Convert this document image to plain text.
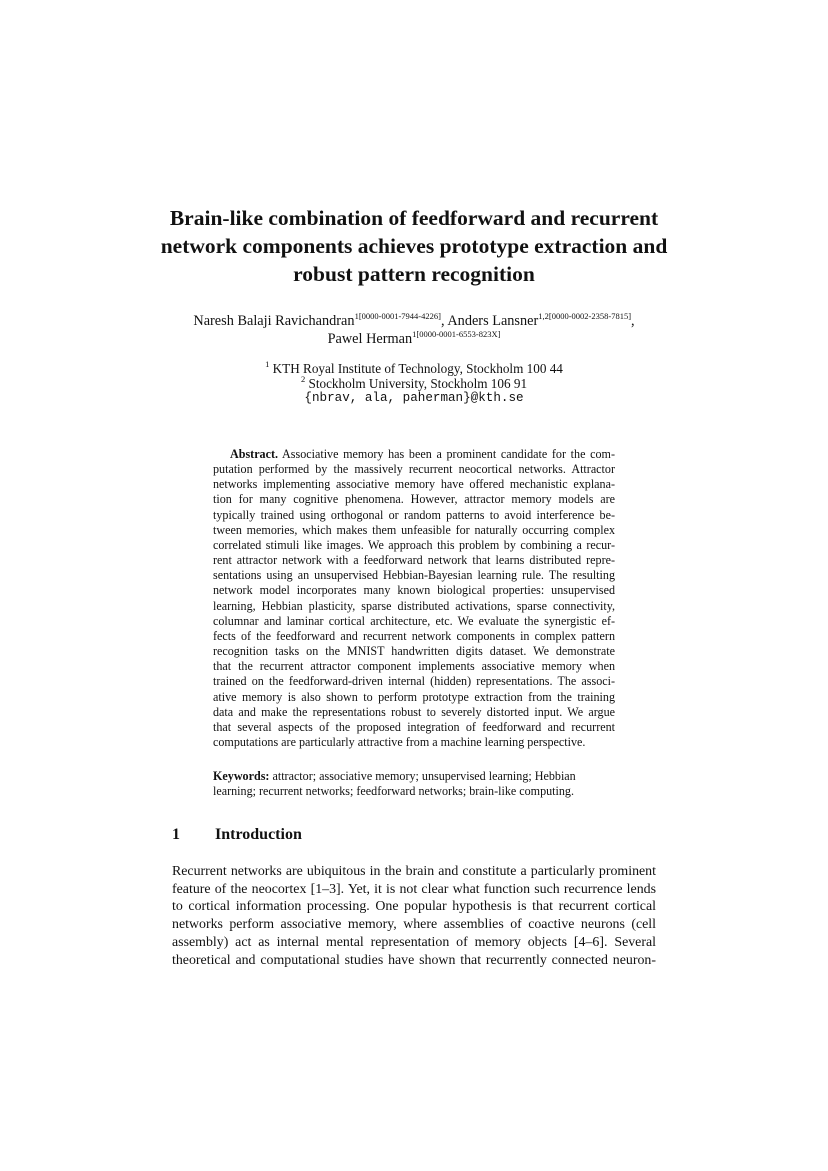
Brain-like combination of feedforward and recurrent
network components achieves prototype extraction and
robust pattern recognition
Naresh Balaji Ravichandran$^{1[0000-0001-7944-4226]}$, Anders Lansner$^{1,2[0000-0002-2358-7815]}$,
Pawel Herman$^{1[0000-0001-6553-823X]}$
$^1$ KTH Royal Institute of Technology, Stockholm 100 44
$^2$ Stockholm University, Stockholm 106 91
{nbrav, ala, paherman}@kth.se
Abstract. Associative memory has been a prominent candidate for the com-
putation performed by the massively recurrent neocortical networks. Attractor
networks implementing associative memory have offered mechanistic explana-
tion for many cognitive phenomena. However, attractor memory models are
typically trained using orthogonal or random patterns to avoid interference be-
tween memories, which makes them unfeasible for naturally occurring complex
correlated stimuli like images. We approach this problem by combining a recur-
rent attractor network with a feedforward network that learns distributed repre-
sentations using an unsupervised Hebbian-Bayesian learning rule. The resulting
network model incorporates many known biological properties: unsupervised
learning, Hebbian plasticity, sparse distributed activations, sparse connectivity,
columnar and laminar cortical architecture, etc. We evaluate the synergistic ef-
fects of the feedforward and recurrent network components in complex pattern
recognition tasks on the MNIST handwritten digits dataset. We demonstrate
that the recurrent attractor component implements associative memory when
trained on the feedforward-driven internal (hidden) representations. The associ-
ative memory is also shown to perform prototype extraction from the training
data and make the representations robust to severely distorted input. We argue
that several aspects of the proposed integration of feedforward and recurrent
computations are particularly attractive from a machine learning perspective.
Keywords: attractor; associative memory; unsupervised learning; Hebbian
learning; recurrent networks; feedforward networks; brain-like computing.
1 Introduction
Recurrent networks are ubiquitous in the brain and constitute a particularly prominent
feature of the neocortex [1–3]. Yet, it is not clear what function such recurrence lends
to cortical information processing. One popular hypothesis is that recurrent cortical
networks perform associative memory, where assemblies of coactive neurons (cell
assembly) act as internal mental representation of memory objects [4–6]. Several
theoretical and computational studies have shown that recurrently connected neuron-
